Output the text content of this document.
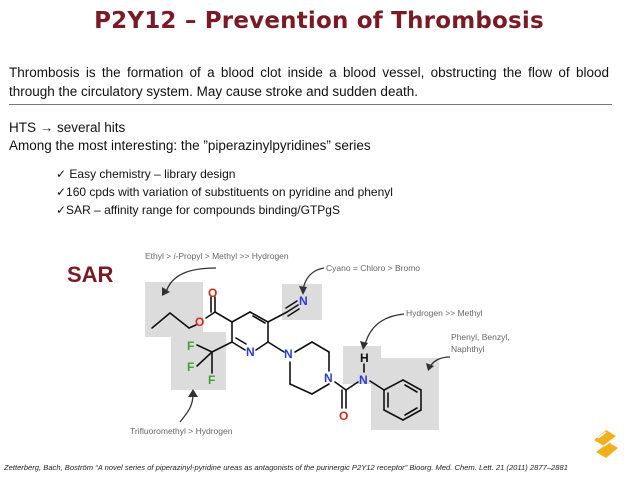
P2Y12 – Prevention of Thrombosis
Thrombosis is the formation of a blood clot inside a blood vessel, obstructing the flow of blood through the circulatory system. May cause stroke and sudden death.
HTS → several hits
Among the most interesting: the ”piperazinylpyridines” series
✓ Easy chemistry – library design
✓160 cpds with variation of substituents on pyridine and phenyl
✓SAR – affinity range for compounds binding/GTPgS
SAR
Ethyl > i-Propyl > Methyl >> Hydrogen
Cyano = Chloro > Bromo
Hydrogen >> Methyl
Phenyl, Benzyl, Naphthyl
Trifluoromethyl > Hydrogen
O
O
N
N
F
F
F
N
N
O
H
N
Zetterberg, Bach, Boström “A novel series of piperazinyl-pyridine ureas as antagonists of the purinergic P2Y12 receptor” Bioorg. Med. Chem. Lett. 21 (2011) 2877–2881
